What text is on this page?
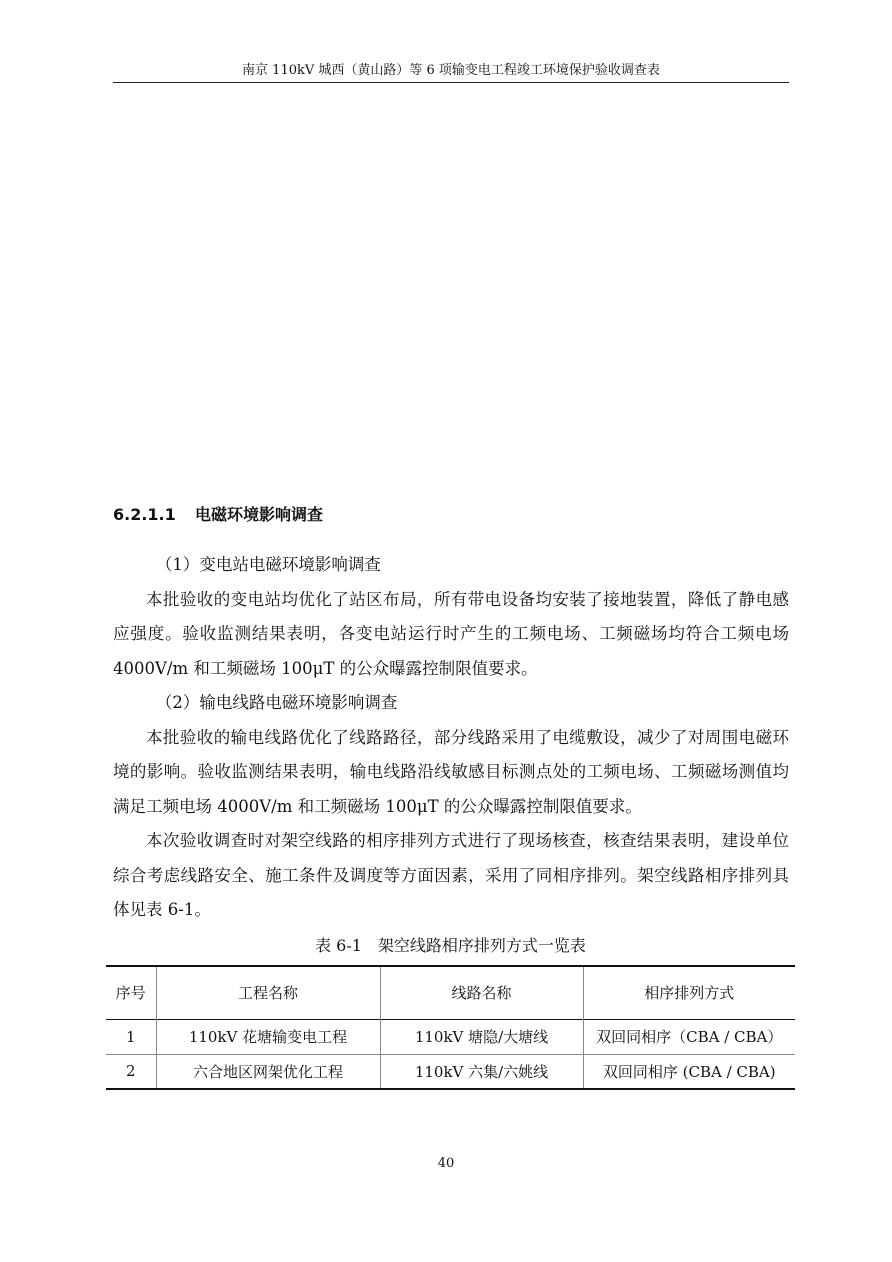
南京 110kV 城西（黄山路）等 6 项输变电工程竣工环境保护验收调查表
6.2.1.1 电磁环境影响调查

（1）变电站电磁环境影响调查

本批验收的变电站均优化了站区布局，所有带电设备均安装了接地装置，降低了静电感应强度。验收监测结果表明，各变电站运行时产生的工频电场、工频磁场均符合工频电场 4000V/m 和工频磁场 100μT 的公众曝露控制限值要求。

（2）输电线路电磁环境影响调查

本批验收的输电线路优化了线路路径，部分线路采用了电缆敷设，减少了对周围电磁环境的影响。验收监测结果表明，输电线路沿线敏感目标测点处的工频电场、工频磁场测值均满足工频电场 4000V/m 和工频磁场 100μT 的公众曝露控制限值要求。

本次验收调查时对架空线路的相序排列方式进行了现场核查，核查结果表明，建设单位综合考虑线路安全、施工条件及调度等方面因素，采用了同相序排列。架空线路相序排列具体见表 6-1。

表 6-1　架空线路相序排列方式一览表
序号	工程名称	线路名称	相序排列方式
1	110kV 花塘输变电工程	110kV 塘隐/大塘线	双回同相序（CBA / CBA）
2	六合地区网架优化工程	110kV 六集/六姚线	双回同相序 (CBA / CBA)
40
